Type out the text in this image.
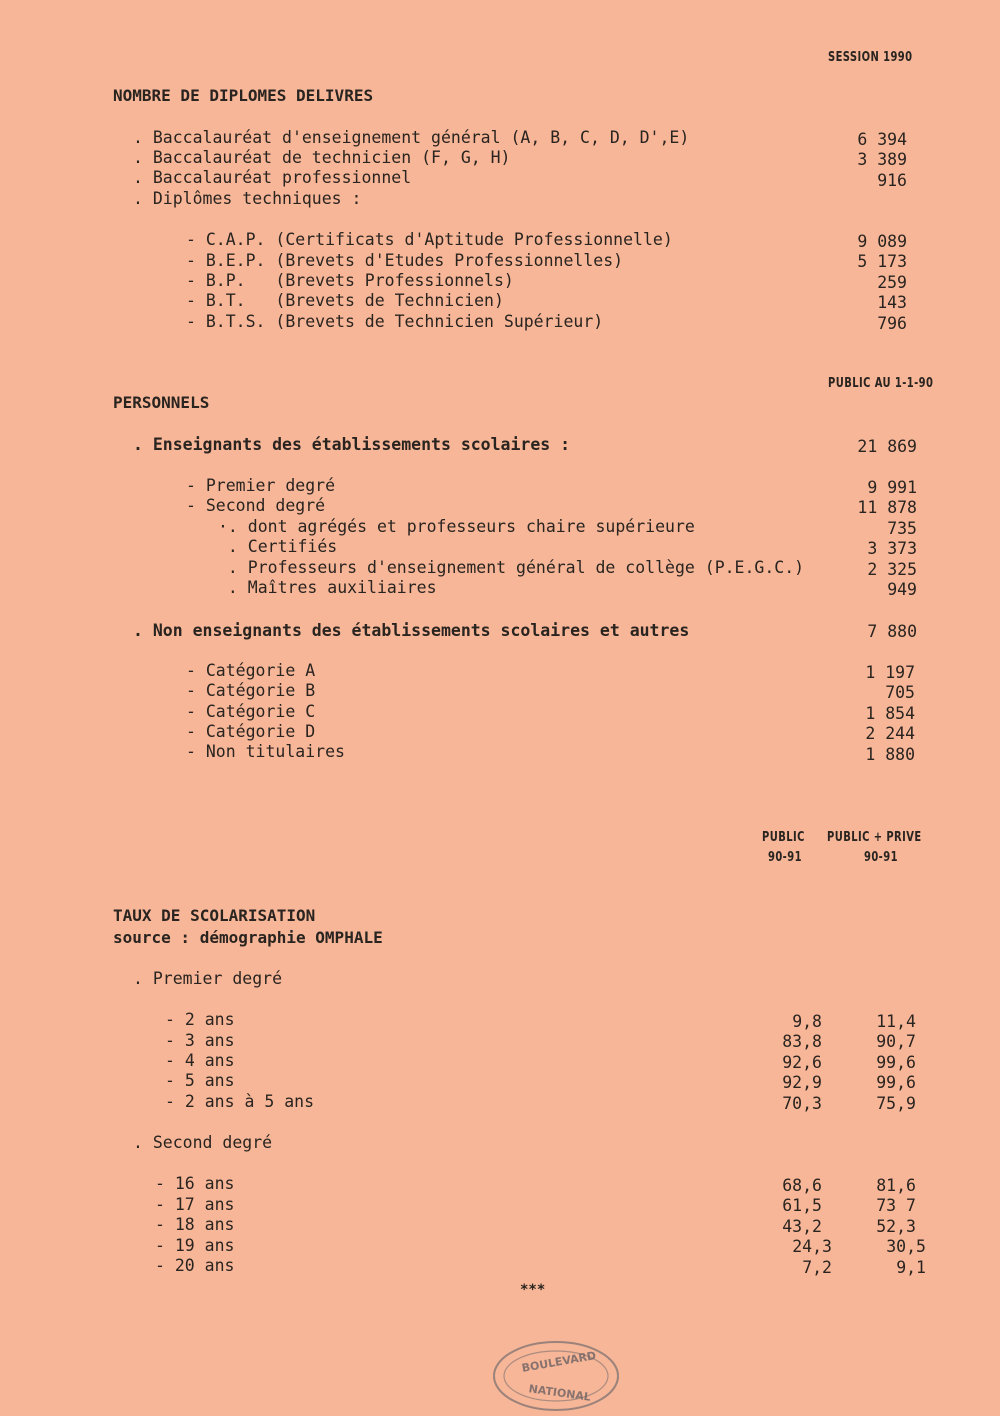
SESSION 1990
NOMBRE DE DIPLOMES DELIVRES
. Baccalauréat d'enseignement général (A, B, C, D, D',E)	6 394
. Baccalauréat de technicien (F, G, H)	3 389
. Baccalauréat professionnel	916
. Diplômes techniques :
- C.A.P. (Certificats d'Aptitude Professionnelle)	9 089
- B.E.P. (Brevets d'Etudes Professionnelles)	5 173
- B.P.   (Brevets Professionnels)	259
- B.T.   (Brevets de Technicien)	143
- B.T.S. (Brevets de Technicien Supérieur)	796
PUBLIC AU 1-1-90
PERSONNELS
. Enseignants des établissements scolaires :	21 869
- Premier degré	9 991
- Second degré	11 878
·. dont agrégés et professeurs chaire supérieure	735
. Certifiés	3 373
. Professeurs d'enseignement général de collège (P.E.G.C.)	2 325
. Maîtres auxiliaires	949
. Non enseignants des établissements scolaires et autres	7 880
- Catégorie A	1 197
- Catégorie B	705
- Catégorie C	1 854
- Catégorie D	2 244
- Non titulaires	1 880
PUBLIC
90-91
PUBLIC + PRIVE
90-91
TAUX DE SCOLARISATION
source : démographie OMPHALE
. Premier degré
- 2 ans	9,8	11,4
- 3 ans	83,8	90,7
- 4 ans	92,6	99,6
- 5 ans	92,9	99,6
- 2 ans à 5 ans	70,3	75,9
. Second degré
- 16 ans	68,6	81,6
- 17 ans	61,5	73 7
- 18 ans	43,2	52,3
- 19 ans	24,3	30,5
- 20 ans	7,2	9,1
***
BOULEVARD
NATIONAL
